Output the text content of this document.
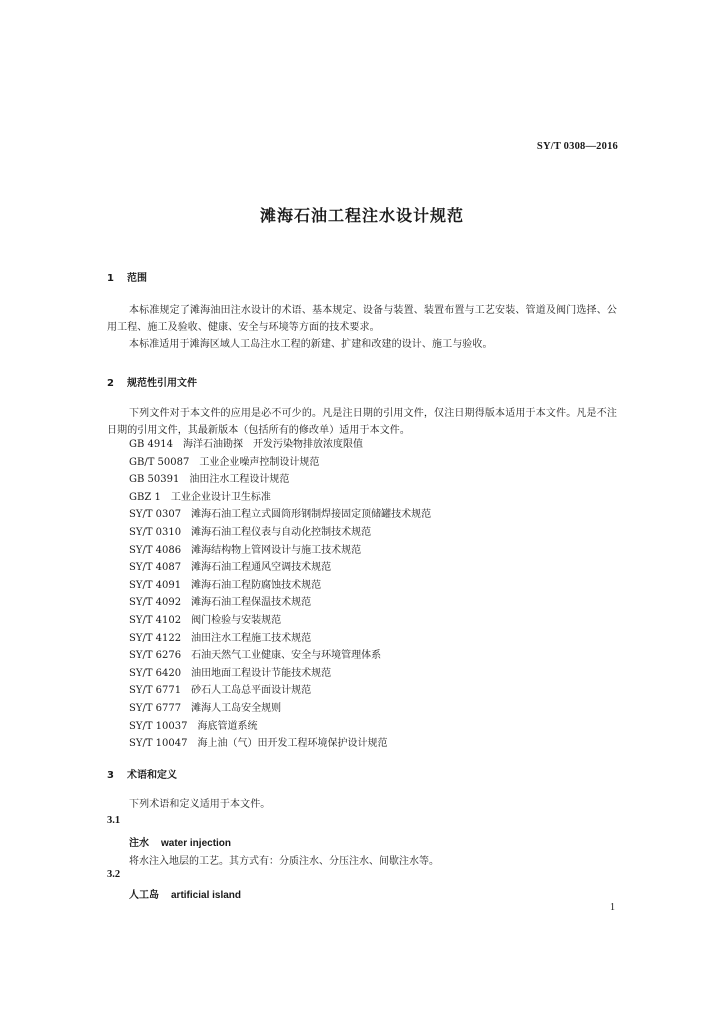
SY/T 0308—2016
滩海石油工程注水设计规范
1 范围

本标准规定了滩海油田注水设计的术语、基本规定、设备与装置、装置布置与工艺安装、管道及阀门选择、公用工程、施工及验收、健康、安全与环境等方面的技术要求。

本标准适用于滩海区域人工岛注水工程的新建、扩建和改建的设计、施工与验收。

2 规范性引用文件

下列文件对于本文件的应用是必不可少的。凡是注日期的引用文件，仅注日期得版本适用于本文件。凡是不注日期的引用文件，其最新版本（包括所有的修改单）适用于本文件。

GB 4914 海洋石油勘探　开发污染物排放浓度限值
GB/T 50087 工业企业噪声控制设计规范
GB 50391 油田注水工程设计规范
GBZ 1 工业企业设计卫生标准
SY/T 0307 滩海石油工程立式圆筒形钢制焊接固定顶储罐技术规范
SY/T 0310 滩海石油工程仪表与自动化控制技术规范
SY/T 4086 滩海结构物上管网设计与施工技术规范
SY/T 4087 滩海石油工程通风空调技术规范
SY/T 4091 滩海石油工程防腐蚀技术规范
SY/T 4092 滩海石油工程保温技术规范
SY/T 4102 阀门检验与安装规范
SY/T 4122 油田注水工程施工技术规范
SY/T 6276 石油天然气工业健康、安全与环境管理体系
SY/T 6420 油田地面工程设计节能技术规范
SY/T 6771 砂石人工岛总平面设计规范
SY/T 6777 滩海人工岛安全规则
SY/T 10037 海底管道系统
SY/T 10047 海上油（气）田开发工程环境保护设计规范
3 术语和定义

下列术语和定义适用于本文件。

3.1
注水 water injection
将水注入地层的工艺。其方式有：分质注水、分压注水、间歇注水等。
3.2
人工岛 artificial island
1
